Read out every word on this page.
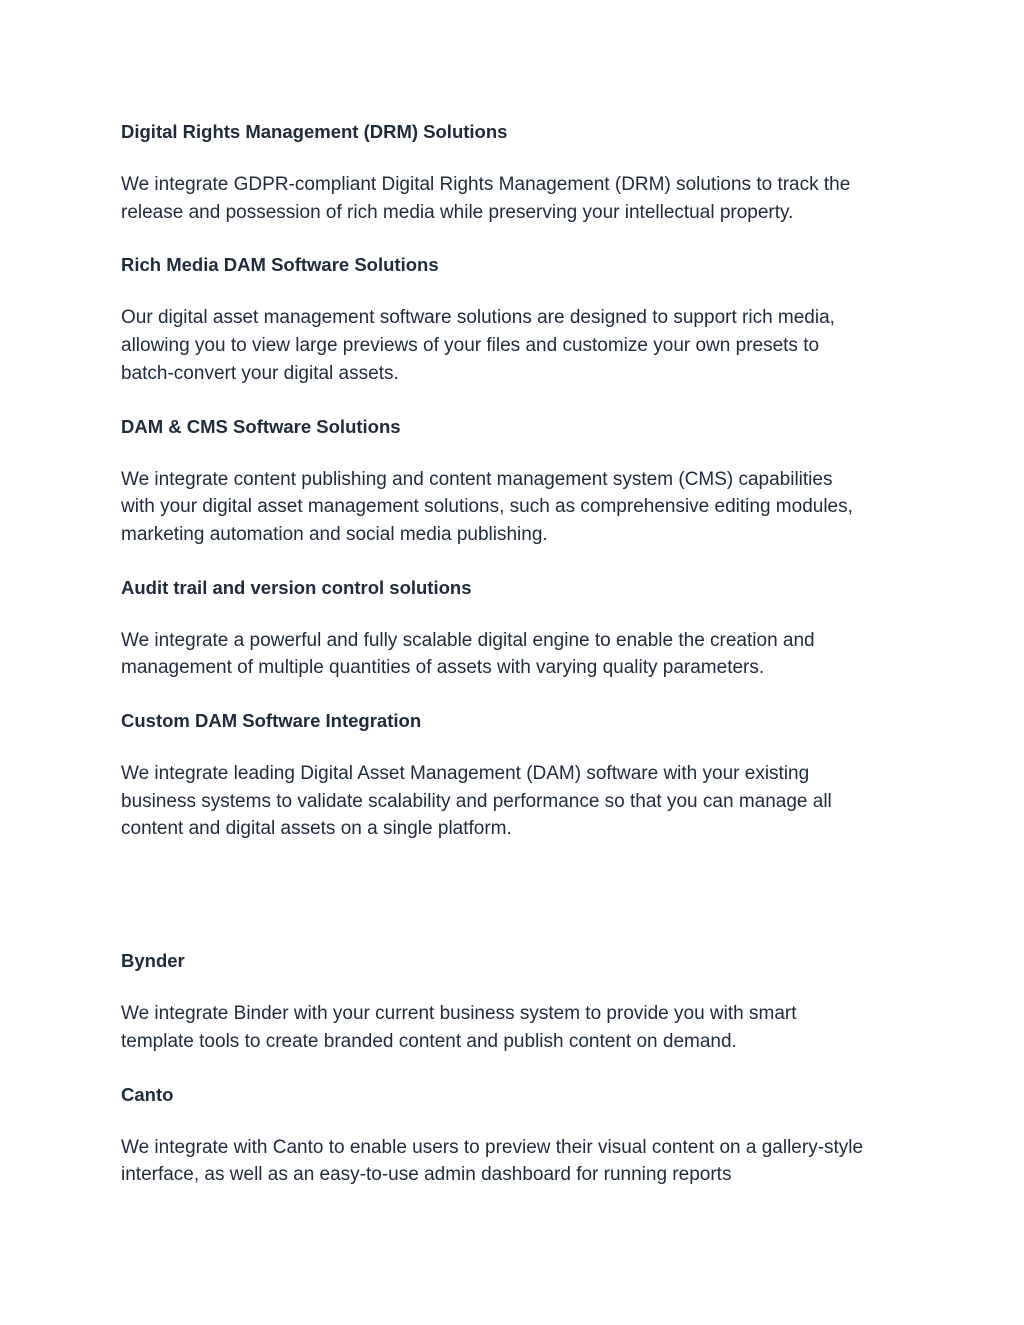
Digital Rights Management (DRM) Solutions
We integrate GDPR-compliant Digital Rights Management (DRM) solutions to track the
release and possession of rich media while preserving your intellectual property.
Rich Media DAM Software Solutions
Our digital asset management software solutions are designed to support rich media,
allowing you to view large previews of your files and customize your own presets to
batch-convert your digital assets.
DAM & CMS Software Solutions
We integrate content publishing and content management system (CMS) capabilities
with your digital asset management solutions, such as comprehensive editing modules,
marketing automation and social media publishing.
Audit trail and version control solutions
We integrate a powerful and fully scalable digital engine to enable the creation and
management of multiple quantities of assets with varying quality parameters.
Custom DAM Software Integration
We integrate leading Digital Asset Management (DAM) software with your existing
business systems to validate scalability and performance so that you can manage all
content and digital assets on a single platform.
Bynder
We integrate Binder with your current business system to provide you with smart
template tools to create branded content and publish content on demand.
Canto
We integrate with Canto to enable users to preview their visual content on a gallery-style
interface, as well as an easy-to-use admin dashboard for running reports
